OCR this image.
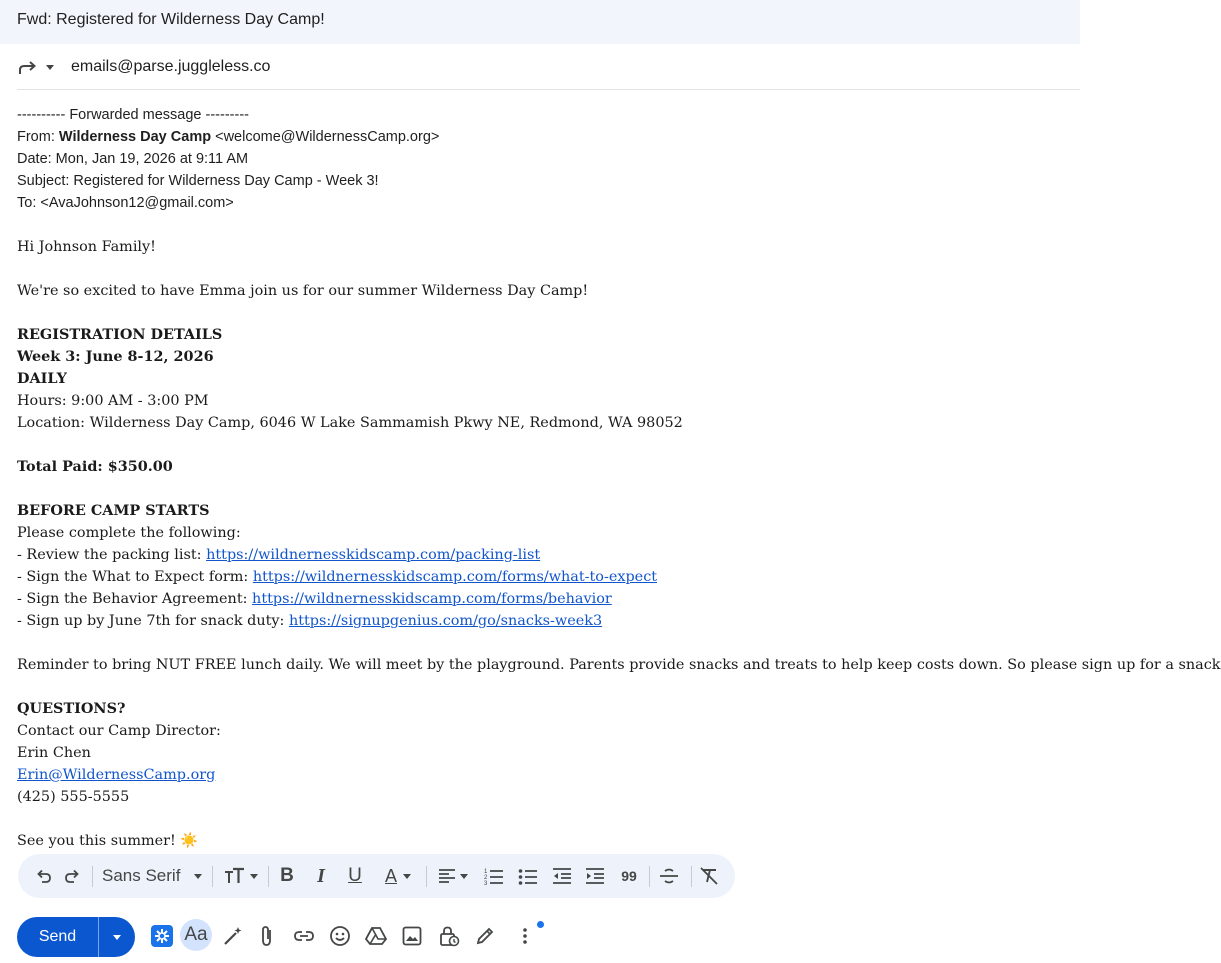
Fwd: Registered for Wilderness Day Camp!
emails@parse.juggleless.co
---------- Forwarded message ---------
From: Wilderness Day Camp <welcome@WildernessCamp.org>
Date: Mon, Jan 19, 2026 at 9:11 AM
Subject: Registered for Wilderness Day Camp - Week 3!
To: <AvaJohnson12@gmail.com>
Hi Johnson Family!
We're so excited to have Emma join us for our summer Wilderness Day Camp!
REGISTRATION DETAILS
Week 3: June 8-12, 2026
DAILY
Hours: 9:00 AM - 3:00 PM
Location: Wilderness Day Camp, 6046 W Lake Sammamish Pkwy NE, Redmond, WA 98052
Total Paid: $350.00
BEFORE CAMP STARTS
Please complete the following:
- Review the packing list: https://wildnernesskidscamp.com/packing-list
- Sign the What to Expect form: https://wildnernesskidscamp.com/forms/what-to-expect
- Sign the Behavior Agreement: https://wildnernesskidscamp.com/forms/behavior
- Sign up by June 7th for snack duty: https://signupgenius.com/go/snacks-week3
Reminder to bring NUT FREE lunch daily. We will meet by the playground. Parents provide snacks and treats to help keep costs down. So please sign up for a snack
QUESTIONS?
Contact our Camp Director:
Erin Chen
Erin@WildernessCamp.org
(425) 555-5555
See you this summer! ☀️
Sans Serif	B I U A	1
2
3	99
Send	Aa
